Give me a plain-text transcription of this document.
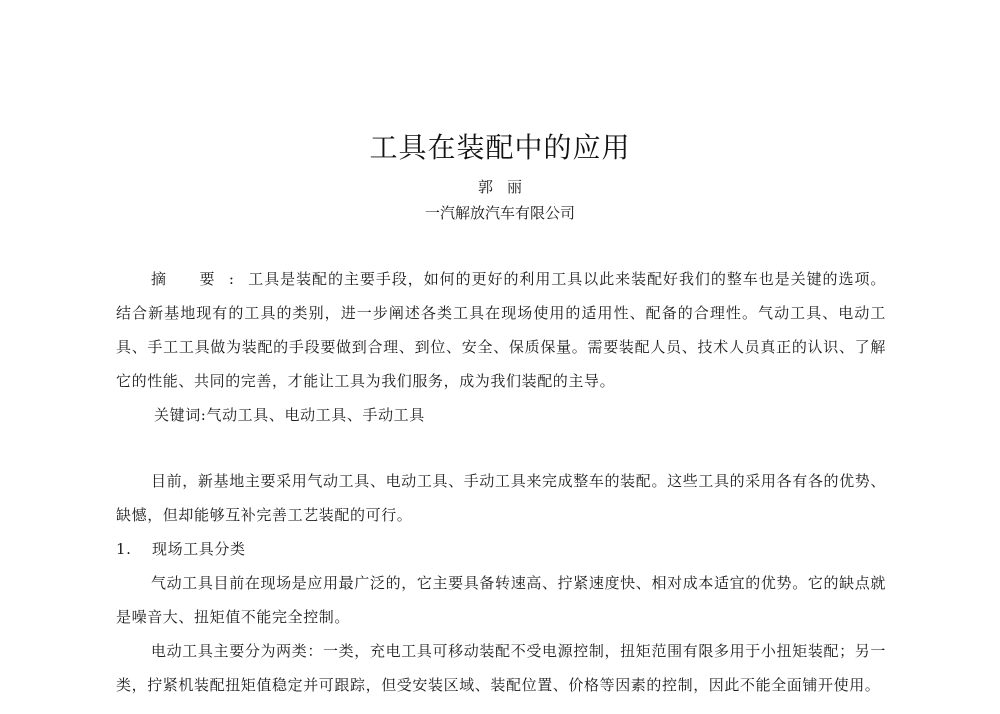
工具在装配中的应用
郭丽
一汽解放汽车有限公司

摘 要:工具是装配的主要手段，如何的更好的利用工具以此来装配好我们的整车也是关键的选项。结合新基地现有的工具的类别，进一步阐述各类工具在现场使用的适用性、配备的合理性。气动工具、电动工具、手工工具做为装配的手段要做到合理、到位、安全、保质保量。需要装配人员、技术人员真正的认识、了解它的性能、共同的完善，才能让工具为我们服务，成为我们装配的主导。

关键词:气动工具、电动工具、手动工具

目前，新基地主要采用气动工具、电动工具、手动工具来完成整车的装配。这些工具的采用各有各的优势、缺憾，但却能够互补完善工艺装配的可行。

1. 现场工具分类

气动工具目前在现场是应用最广泛的，它主要具备转速高、拧紧速度快、相对成本适宜的优势。它的缺点就是噪音大、扭矩值不能完全控制。

电动工具主要分为两类：一类，充电工具可移动装配不受电源控制，扭矩范围有限多用于小扭矩装配；另一类，拧紧机装配扭矩值稳定并可跟踪，但受安装区域、装配位置、价格等因素的控制，因此不能全面铺开使用。
